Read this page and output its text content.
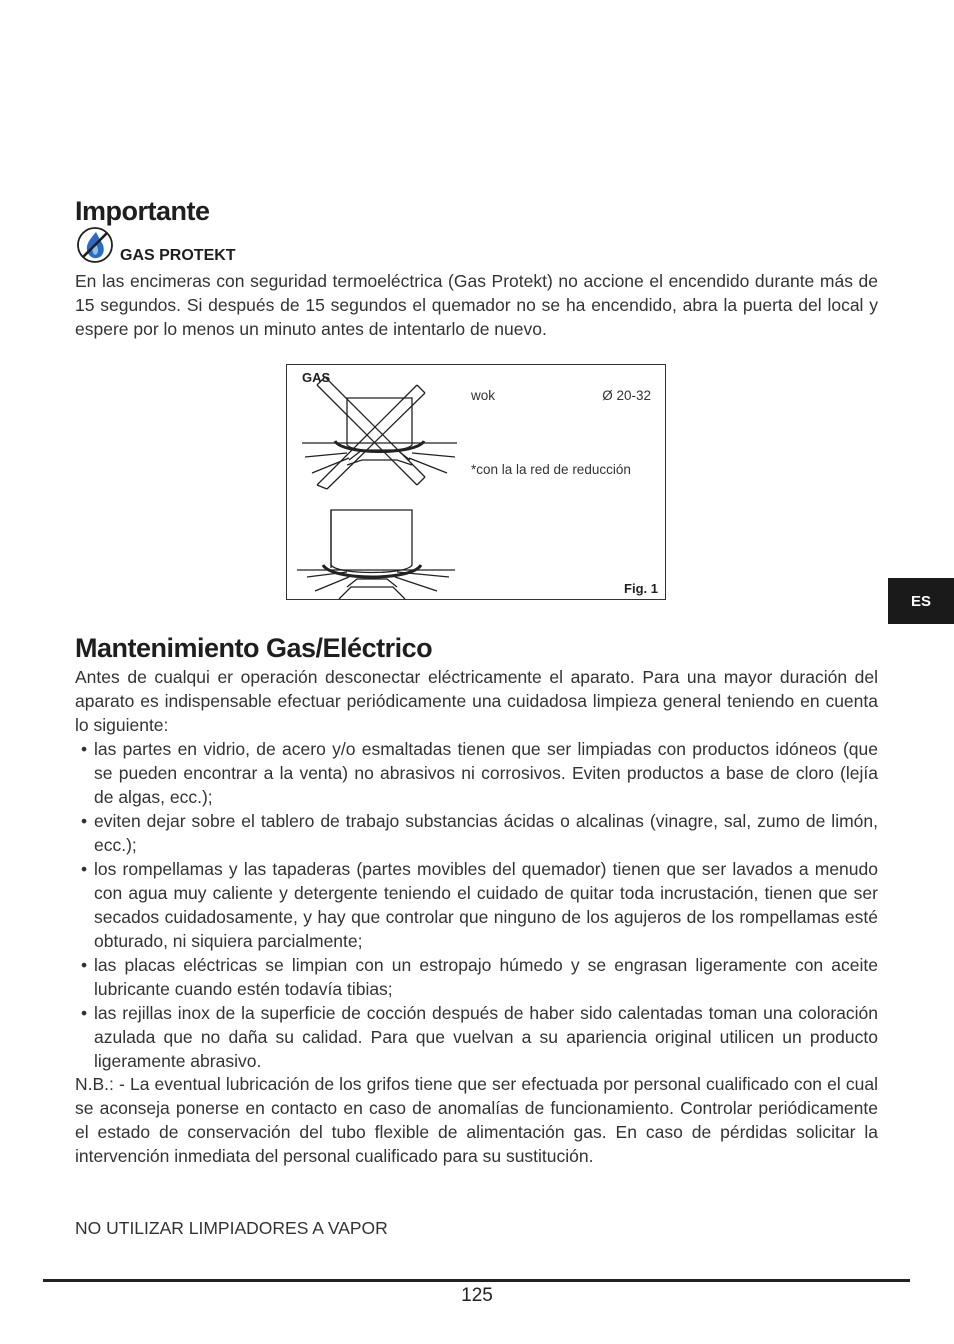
Importante
GAS PROTEKT

En las encimeras con seguridad termoeléctrica (Gas Protekt) no accione el encendido durante más de 15 segundos. Si después de 15 segundos el quemador no se ha encendido, abra la puerta del local y espere por lo menos un minuto antes de intentarlo de nuevo.

GAS
wok	Ø 20-32
*con la la red de reducción
Fig. 1
ES
Mantenimiento Gas/Eléctrico

Antes de cualqui er operación desconectar eléctricamente el aparato. Para una mayor duración del aparato es indispensable efectuar periódicamente una cuidadosa limpieza general teniendo en cuenta lo siguiente:

• las partes en vidrio, de acero y/o esmaltadas tienen que ser limpiadas con productos idóneos (que se pueden encontrar a la venta) no abrasivos ni corrosivos. Eviten productos a base de cloro (lejía de algas, ecc.);
• eviten dejar sobre el tablero de trabajo substancias ácidas o alcalinas (vinagre, sal, zumo de limón, ecc.);
• los rompellamas y las tapaderas (partes movibles del quemador) tienen que ser lavados a menudo con agua muy caliente y detergente teniendo el cuidado de quitar toda incrustación, tienen que ser secados cuidadosamente, y hay que controlar que ninguno de los agujeros de los rompellamas esté obturado, ni siquiera parcialmente;
• las placas eléctricas se limpian con un estropajo húmedo y se engrasan ligeramente con aceite lubricante cuando estén todavía tibias;
• las rejillas inox de la superficie de cocción después de haber sido calentadas toman una coloración azulada que no daña su calidad. Para que vuelvan a su apariencia original utilicen un producto ligeramente abrasivo.

N.B.: - La eventual lubricación de los grifos tiene que ser efectuada por personal cualificado con el cual se aconseja ponerse en contacto en caso de anomalías de funcionamiento. Controlar periódicamente el estado de conservación del tubo flexible de alimentación gas. En caso de pérdidas solicitar la intervención inmediata del personal cualificado para su sustitución.

NO UTILIZAR LIMPIADORES A VAPOR

125
